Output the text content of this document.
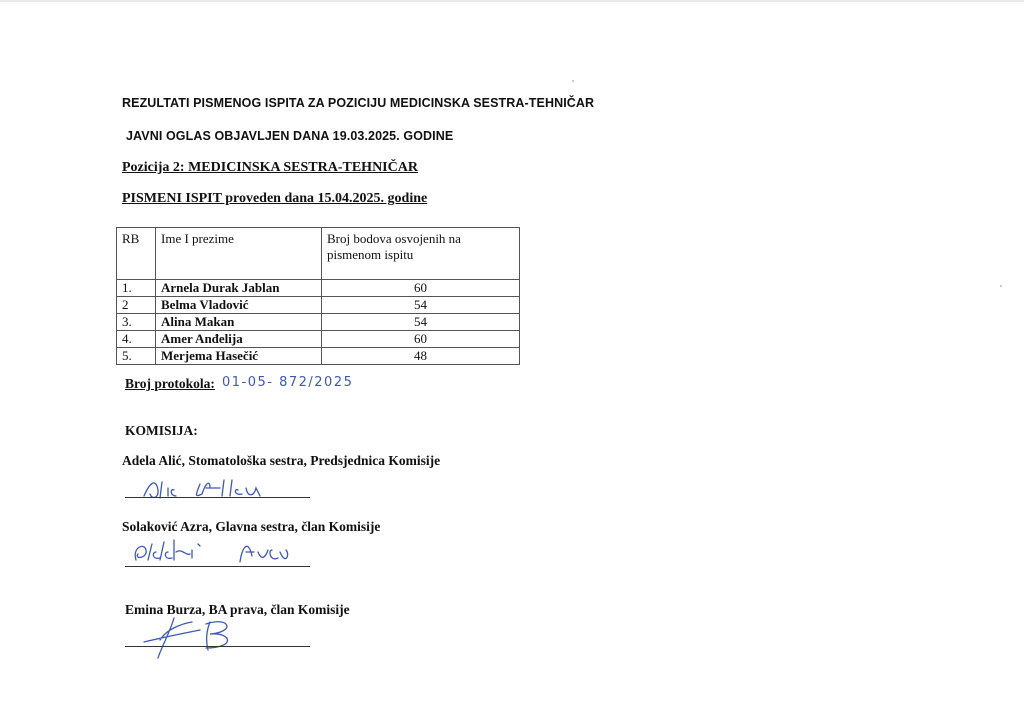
REZULTATI PISMENOG ISPITA ZA POZICIJU MEDICINSKA SESTRA-TEHNIČAR
JAVNI OGLAS OBJAVLJEN DANA 19.03.2025. GODINE
Pozicija 2: MEDICINSKA SESTRA-TEHNIČAR
PISMENI ISPIT proveden dana 15.04.2025. godine
RB	Ime I prezime	Broj bodova osvojenih na pismenom ispitu
1.	Arnela Durak Jablan	60
2	Belma Vladović	54
3.	Alina Makan	54
4.	Amer Anđelija	60
5.	Merjema Hasečić	48
Broj protokola: 01-05- 872/2025
KOMISIJA:
Adela Alić, Stomatološka sestra, Predsjednica Komisije
Solaković Azra, Glavna sestra, član Komisije
Emina Burza, BA prava, član Komisije
